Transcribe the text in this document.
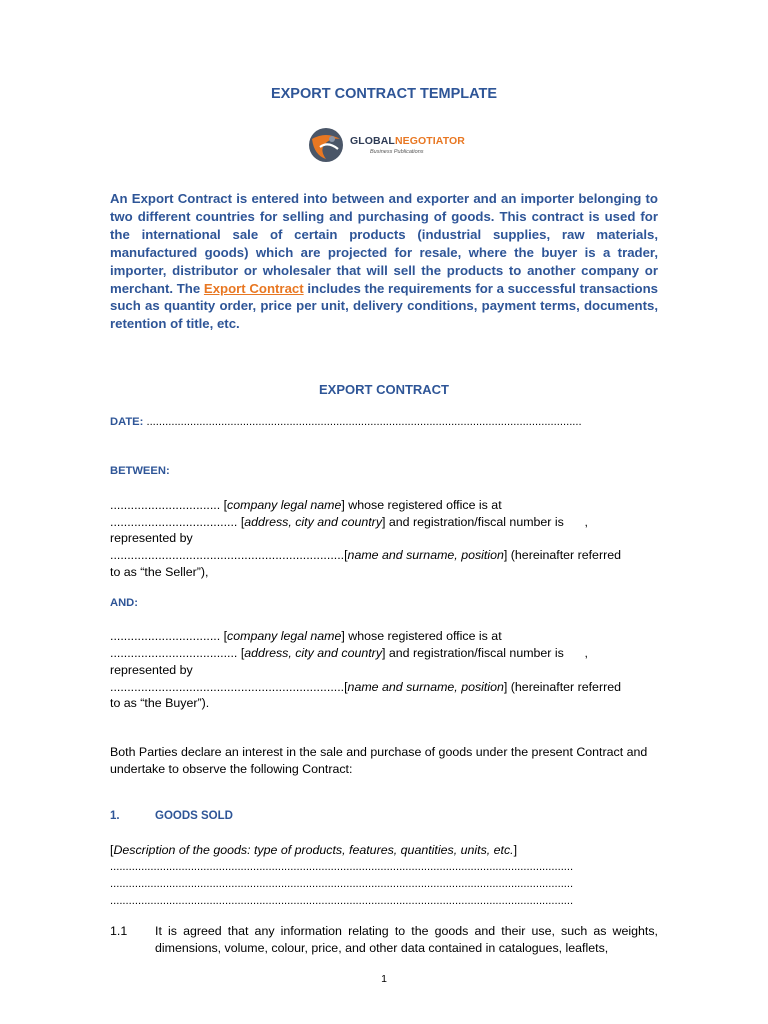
EXPORT CONTRACT TEMPLATE
GLOBALNEGOTIATOR
Business Publications
An Export Contract is entered into between and exporter and an importer belonging to two different countries for selling and purchasing of goods. This contract is used for the international sale of certain products (industrial supplies, raw materials, manufactured goods) which are projected for resale, where the buyer is a trader, importer, distributor or wholesaler that will sell the products to another company or merchant. The Export Contract includes the requirements for a successful transactions such as quantity order, price per unit, delivery conditions, payment terms, documents, retention of title, etc.
EXPORT CONTRACT
DATE: ............................................................................................................................................
BETWEEN:
................................ [company legal name] whose registered office is at
..................................... [address, city and country] and registration/fiscal number is      ,
represented by
....................................................................[name and surname, position] (hereinafter referred
to as “the Seller”),
AND:
................................ [company legal name] whose registered office is at
..................................... [address, city and country] and registration/fiscal number is      ,
represented by
....................................................................[name and surname, position] (hereinafter referred
to as “the Buyer”).
Both Parties declare an interest in the sale and purchase of goods under the present Contract and undertake to observe the following Contract:
1.	GOODS SOLD
[Description of the goods: type of products, features, quantities, units, etc.]
.....................................................................................................................................................
.....................................................................................................................................................
.....................................................................................................................................................
1.1 It is agreed that any information relating to the goods and their use, such as weights, dimensions, volume, colour, price, and other data contained in catalogues, leaflets,
1
